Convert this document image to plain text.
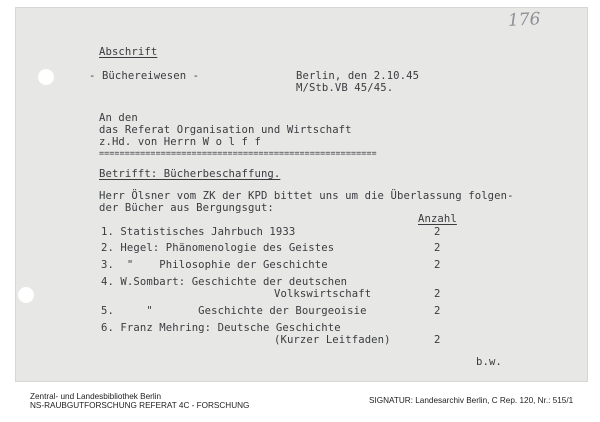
176
Abschrift
- Büchereiwesen -	Berlin, den 2.10.45
M/Stb.VB 45/45.
An den
das Referat Organisation und Wirtschaft
z.Hd. von Herrn W o l f f
======================================================
Betrifft: Bücherbeschaffung.
Herr Ölsner vom ZK der KPD bittet uns um die Überlassung folgen-
der Bücher aus Bergungsgut:
Anzahl
1. Statistisches Jahrbuch 1933	2
2. Hegel: Phänomenologie des Geistes	2
3.  "    Philosophie der Geschichte	2
4. W.Sombart: Geschichte der deutschen
Volkswirtschaft	2
5.     "       Geschichte der Bourgeoisie	2
6. Franz Mehring: Deutsche Geschichte
(Kurzer Leitfaden)	2
b.w.
Zentral- und Landesbibliothek Berlin
NS-RAUBGUTFORSCHUNG REFERAT 4C - FORSCHUNG
SIGNATUR: Landesarchiv Berlin, C Rep. 120, Nr.: 515/1
